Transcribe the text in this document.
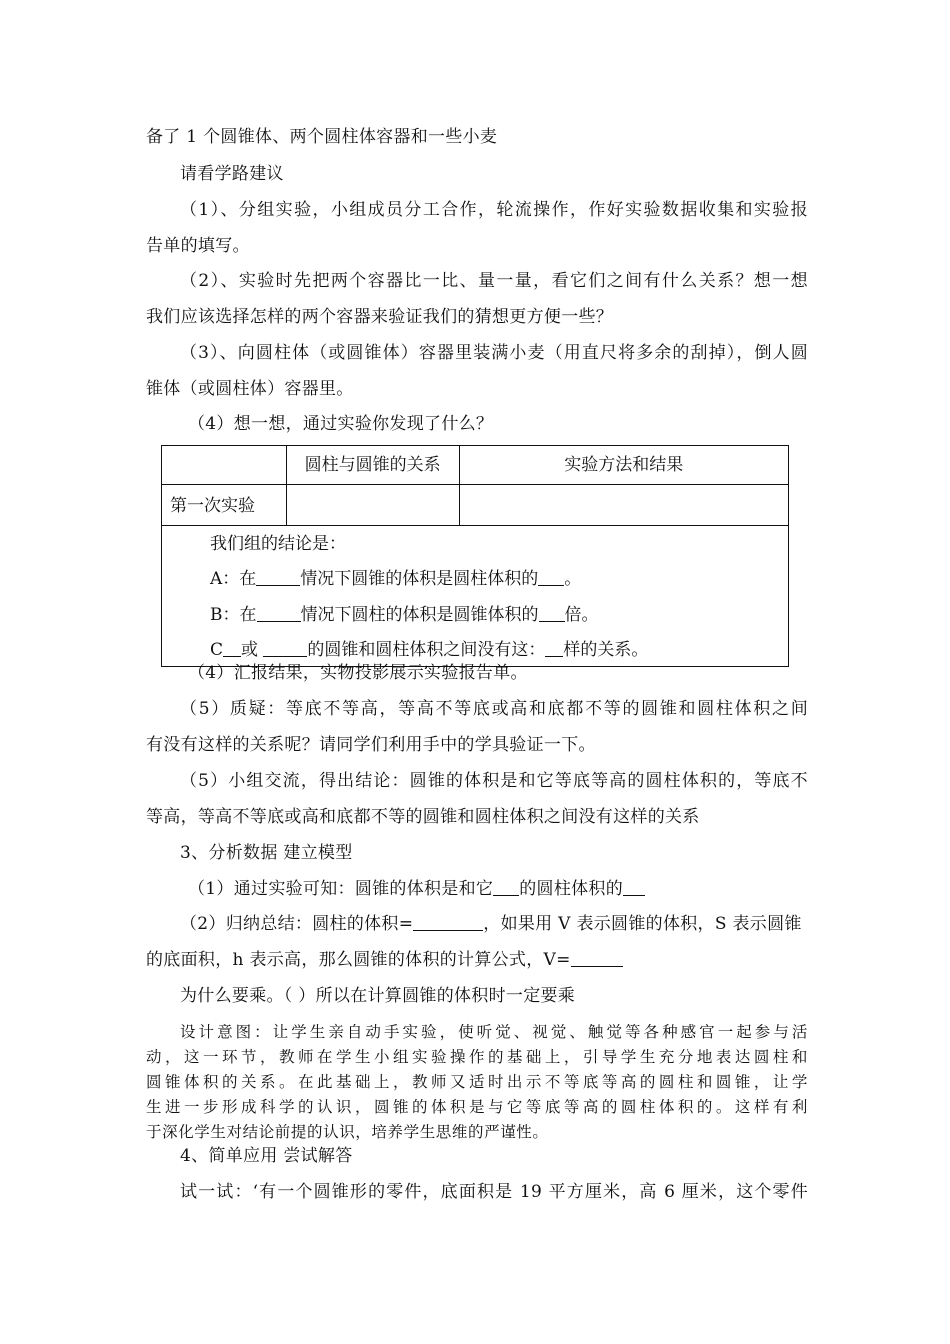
备了 1 个圆锥体、两个圆柱体容器和一些小麦
请看学路建议
（1）、分组实验，小组成员分工合作，轮流操作，作好实验数据收集和实验报
告单的填写。
（2）、实验时先把两个容器比一比、量一量，看它们之间有什么关系？想一想
我们应该选择怎样的两个容器来验证我们的猜想更方便一些？
（3）、向圆柱体（或圆锥体）容器里装满小麦（用直尺将多余的刮掉），倒人圆
锥体（或圆柱体）容器里。
（4）想一想，通过实验你发现了什么？
	圆柱与圆锥的关系	实验方法和结果
第一次实验		

我们组的结论是：
A：在 情况下圆锥的体积是圆柱体积的 。
B：在 情况下圆柱的体积是圆锥体积的 倍。
C 或 的圆锥和圆柱体积之间没有这： 样的关系。		
（4）汇报结果，实物投影展示实验报告单。
（5）质疑：等底不等高，等高不等底或高和底都不等的圆锥和圆柱体积之间
有没有这样的关系呢？请同学们利用手中的学具验证一下。
（5）小组交流，得出结论：圆锥的体积是和它等底等高的圆柱体积的，等底不
等高，等高不等底或高和底都不等的圆锥和圆柱体积之间没有这样的关系
3、分析数据 建立模型
（1）通过实验可知：圆锥的体积是和它 的圆柱体积的
（2）归纳总结：圆柱的体积=	，如果用 V 表示圆锥的体积，S 表示圆锥
的底面积，h 表示高，那么圆锥的体积的计算公式，V=
为什么要乘。（ ）所以在计算圆锥的体积时一定要乘
设计意图：让学生亲自动手实验，使听觉、视觉、触觉等各种感官一起参与活
动，这一环节，教师在学生小组实验操作的基础上，引导学生充分地表达圆柱和
圆锥体积的关系。在此基础上，教师又适时出示不等底等高的圆柱和圆锥，让学
生进一步形成科学的认识，圆锥的体积是与它等底等高的圆柱体积的。这样有利
于深化学生对结论前提的认识，培养学生思维的严谨性。
4、简单应用 尝试解答
试一试：‘有一个圆锥形的零件，底面积是 19 平方厘米，高 6 厘米，这个零件
